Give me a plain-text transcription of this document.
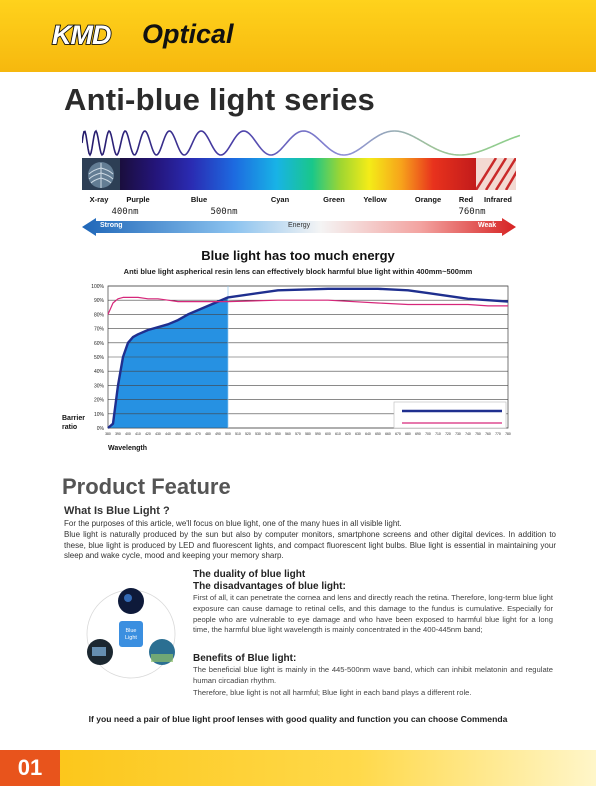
KMD Optical
Anti-blue light series
X-ray Purple	Blue	Cyan	Green Yellow	Orange Red Infrared
400nm	500nm	760nm
Strong	Energy	Weak
Blue light has too much energy
Anti blue light aspherical resin lens can effectively block harmful blue light within 400mm~500mm
0%
10%
20%
30%
40%
50%
60%
70%
80%
90%
100%
380 390 400 410 420 430 440 450 460 470 480 490 500 510 520 530 540 550 560 570 580 590 600 610 620 630 640 650 660 670 680 690 700 710 720 730 740 750 760 770 780
Barrier
ratio
Wavelength
Product Feature
What Is Blue Light ?

For the purposes of this article, we'll focus on blue light, one of the many hues in all visible light.

Blue light is naturally produced by the sun but also by computer monitors, smartphone screens and other digital devices. In addition to these, blue light is produced by LED and fluorescent lights, and compact fluorescent light bulbs. Blue light is essential in maintaining your sleep and wake cycle, mood and keeping your memory sharp.

Blue
Light
The duality of blue light
The disadvantages of blue light:
First of all, it can penetrate the cornea and lens and directly reach the retina. Therefore, long-term blue light exposure can cause damage to retinal cells, and this damage to the fundus is cumulative. Especially for people who are vulnerable to eye damage and who have been exposed to harmful blue light for a long time, the harmful blue light wavelength is mainly concentrated in the 400-445nm band;
Benefits of Blue light:
The beneficial blue light is mainly in the 445-500nm wave band, which can inhibit melatonin and regulate human circadian rhythm.
Therefore, blue light is not all harmful; Blue light in each band plays a different role.
If you need a pair of blue light proof lenses with good quality and function you can choose Commenda
01
